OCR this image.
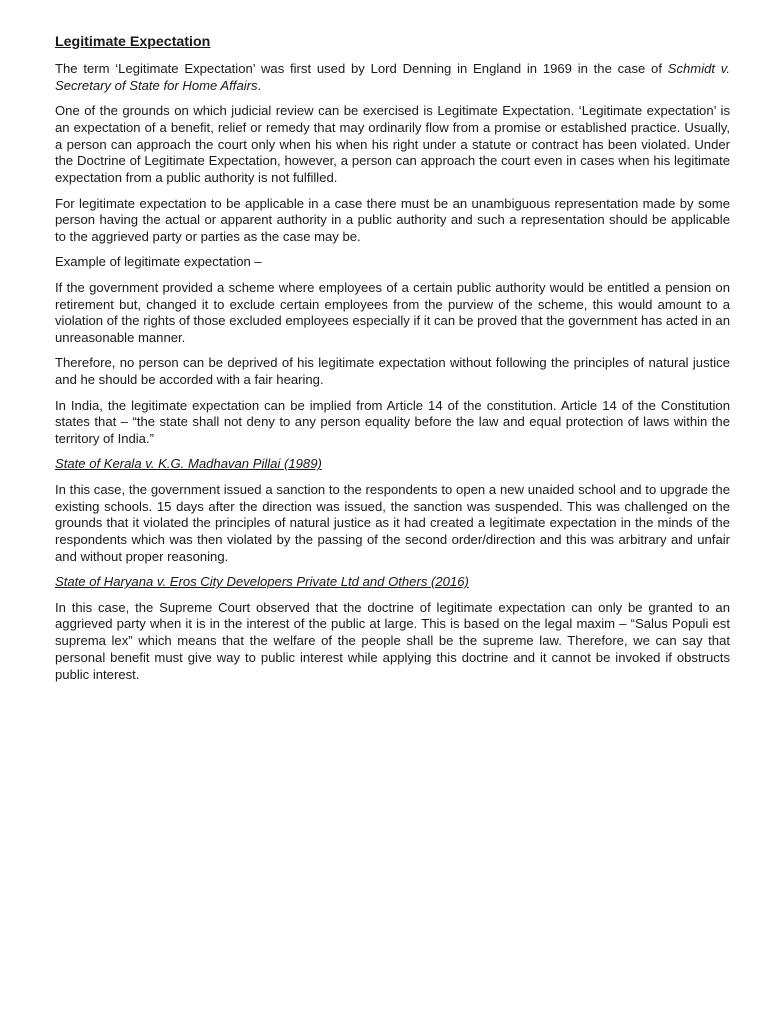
Legitimate Expectation

The term ‘Legitimate Expectation’ was first used by Lord Denning in England in 1969 in the case of Schmidt v. Secretary of State for Home Affairs.

One of the grounds on which judicial review can be exercised is Legitimate Expectation. ‘Legitimate expectation’ is an expectation of a benefit, relief or remedy that may ordinarily flow from a promise or established practice. Usually, a person can approach the court only when his when his right under a statute or contract has been violated. Under the Doctrine of Legitimate Expectation, however, a person can approach the court even in cases when his legitimate expectation from a public authority is not fulfilled.

For legitimate expectation to be applicable in a case there must be an unambiguous representation made by some person having the actual or apparent authority in a public authority and such a representation should be applicable to the aggrieved party or parties as the case may be.

Example of legitimate expectation –

If the government provided a scheme where employees of a certain public authority would be entitled a pension on retirement but, changed it to exclude certain employees from the purview of the scheme, this would amount to a violation of the rights of those excluded employees especially if it can be proved that the government has acted in an unreasonable manner.

Therefore, no person can be deprived of his legitimate expectation without following the principles of natural justice and he should be accorded with a fair hearing.

In India, the legitimate expectation can be implied from Article 14 of the constitution. Article 14 of the Constitution states that – “the state shall not deny to any person equality before the law and equal protection of laws within the territory of India.”

State of Kerala v. K.G. Madhavan Pillai (1989)

In this case, the government issued a sanction to the respondents to open a new unaided school and to upgrade the existing schools. 15 days after the direction was issued, the sanction was suspended. This was challenged on the grounds that it violated the principles of natural justice as it had created a legitimate expectation in the minds of the respondents which was then violated by the passing of the second order/direction and this was arbitrary and unfair and without proper reasoning.

State of Haryana v. Eros City Developers Private Ltd and Others (2016)

In this case, the Supreme Court observed that the doctrine of legitimate expectation can only be granted to an aggrieved party when it is in the interest of the public at large. This is based on the legal maxim – “Salus Populi est suprema lex” which means that the welfare of the people shall be the supreme law. Therefore, we can say that personal benefit must give way to public interest while applying this doctrine and it cannot be invoked if obstructs public interest.
